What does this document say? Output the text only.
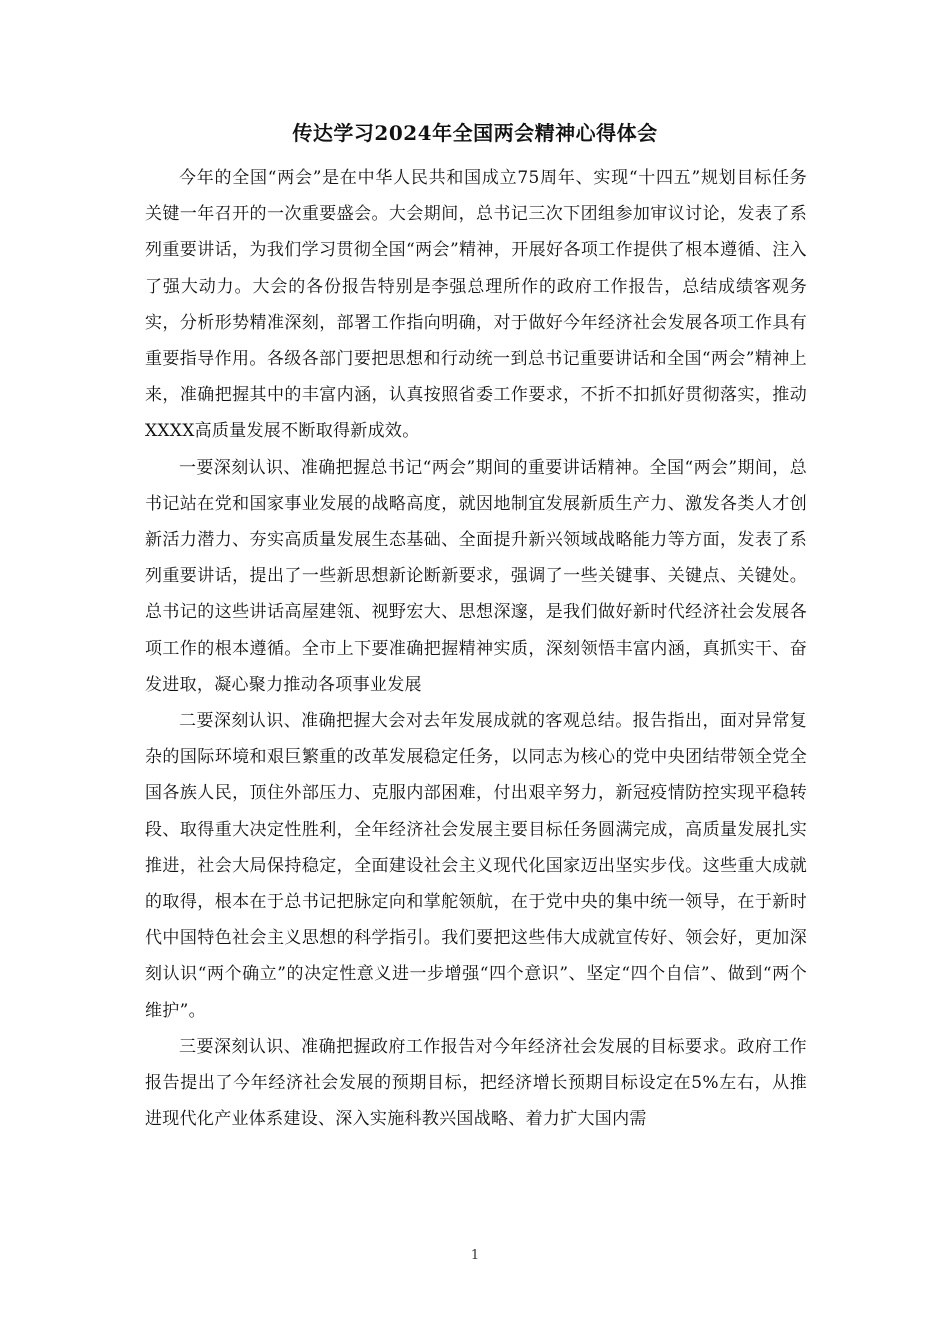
传达学习2024年全国两会精神心得体会

今年的全国“两会”是在中华人民共和国成立75周年、实现“十四五”规划目标任务关键一年召开的一次重要盛会。大会期间，总书记三次下团组参加审议讨论，发表了系列重要讲话，为我们学习贯彻全国“两会”精神，开展好各项工作提供了根本遵循、注入了强大动力。大会的各份报告特别是李强总理所作的政府工作报告，总结成绩客观务实，分析形势精准深刻，部署工作指向明确，对于做好今年经济社会发展各项工作具有重要指导作用。各级各部门要把思想和行动统一到总书记重要讲话和全国“两会”精神上来，准确把握其中的丰富内涵，认真按照省委工作要求，不折不扣抓好贯彻落实，推动XXXX高质量发展不断取得新成效。

一要深刻认识、准确把握总书记“两会”期间的重要讲话精神。全国“两会”期间，总书记站在党和国家事业发展的战略高度，就因地制宜发展新质生产力、激发各类人才创新活力潜力、夯实高质量发展生态基础、全面提升新兴领域战略能力等方面，发表了系列重要讲话，提出了一些新思想新论断新要求，强调了一些关键事、关键点、关键处。总书记的这些讲话高屋建瓴、视野宏大、思想深邃，是我们做好新时代经济社会发展各项工作的根本遵循。全市上下要准确把握精神实质，深刻领悟丰富内涵，真抓实干、奋发进取，凝心聚力推动各项事业发展

二要深刻认识、准确把握大会对去年发展成就的客观总结。报告指出，面对异常复杂的国际环境和艰巨繁重的改革发展稳定任务，以同志为核心的党中央团结带领全党全国各族人民，顶住外部压力、克服内部困难，付出艰辛努力，新冠疫情防控实现平稳转段、取得重大决定性胜利，全年经济社会发展主要目标任务圆满完成，高质量发展扎实推进，社会大局保持稳定，全面建设社会主义现代化国家迈出坚实步伐。这些重大成就的取得，根本在于总书记把脉定向和掌舵领航，在于党中央的集中统一领导，在于新时代中国特色社会主义思想的科学指引。我们要把这些伟大成就宣传好、领会好，更加深刻认识“两个确立”的决定性意义进一步增强“四个意识”、坚定“四个自信”、做到“两个维护”。

三要深刻认识、准确把握政府工作报告对今年经济社会发展的目标要求。政府工作报告提出了今年经济社会发展的预期目标，把经济增长预期目标设定在5%左右，从推进现代化产业体系建设、深入实施科教兴国战略、着力扩大国内需

1
